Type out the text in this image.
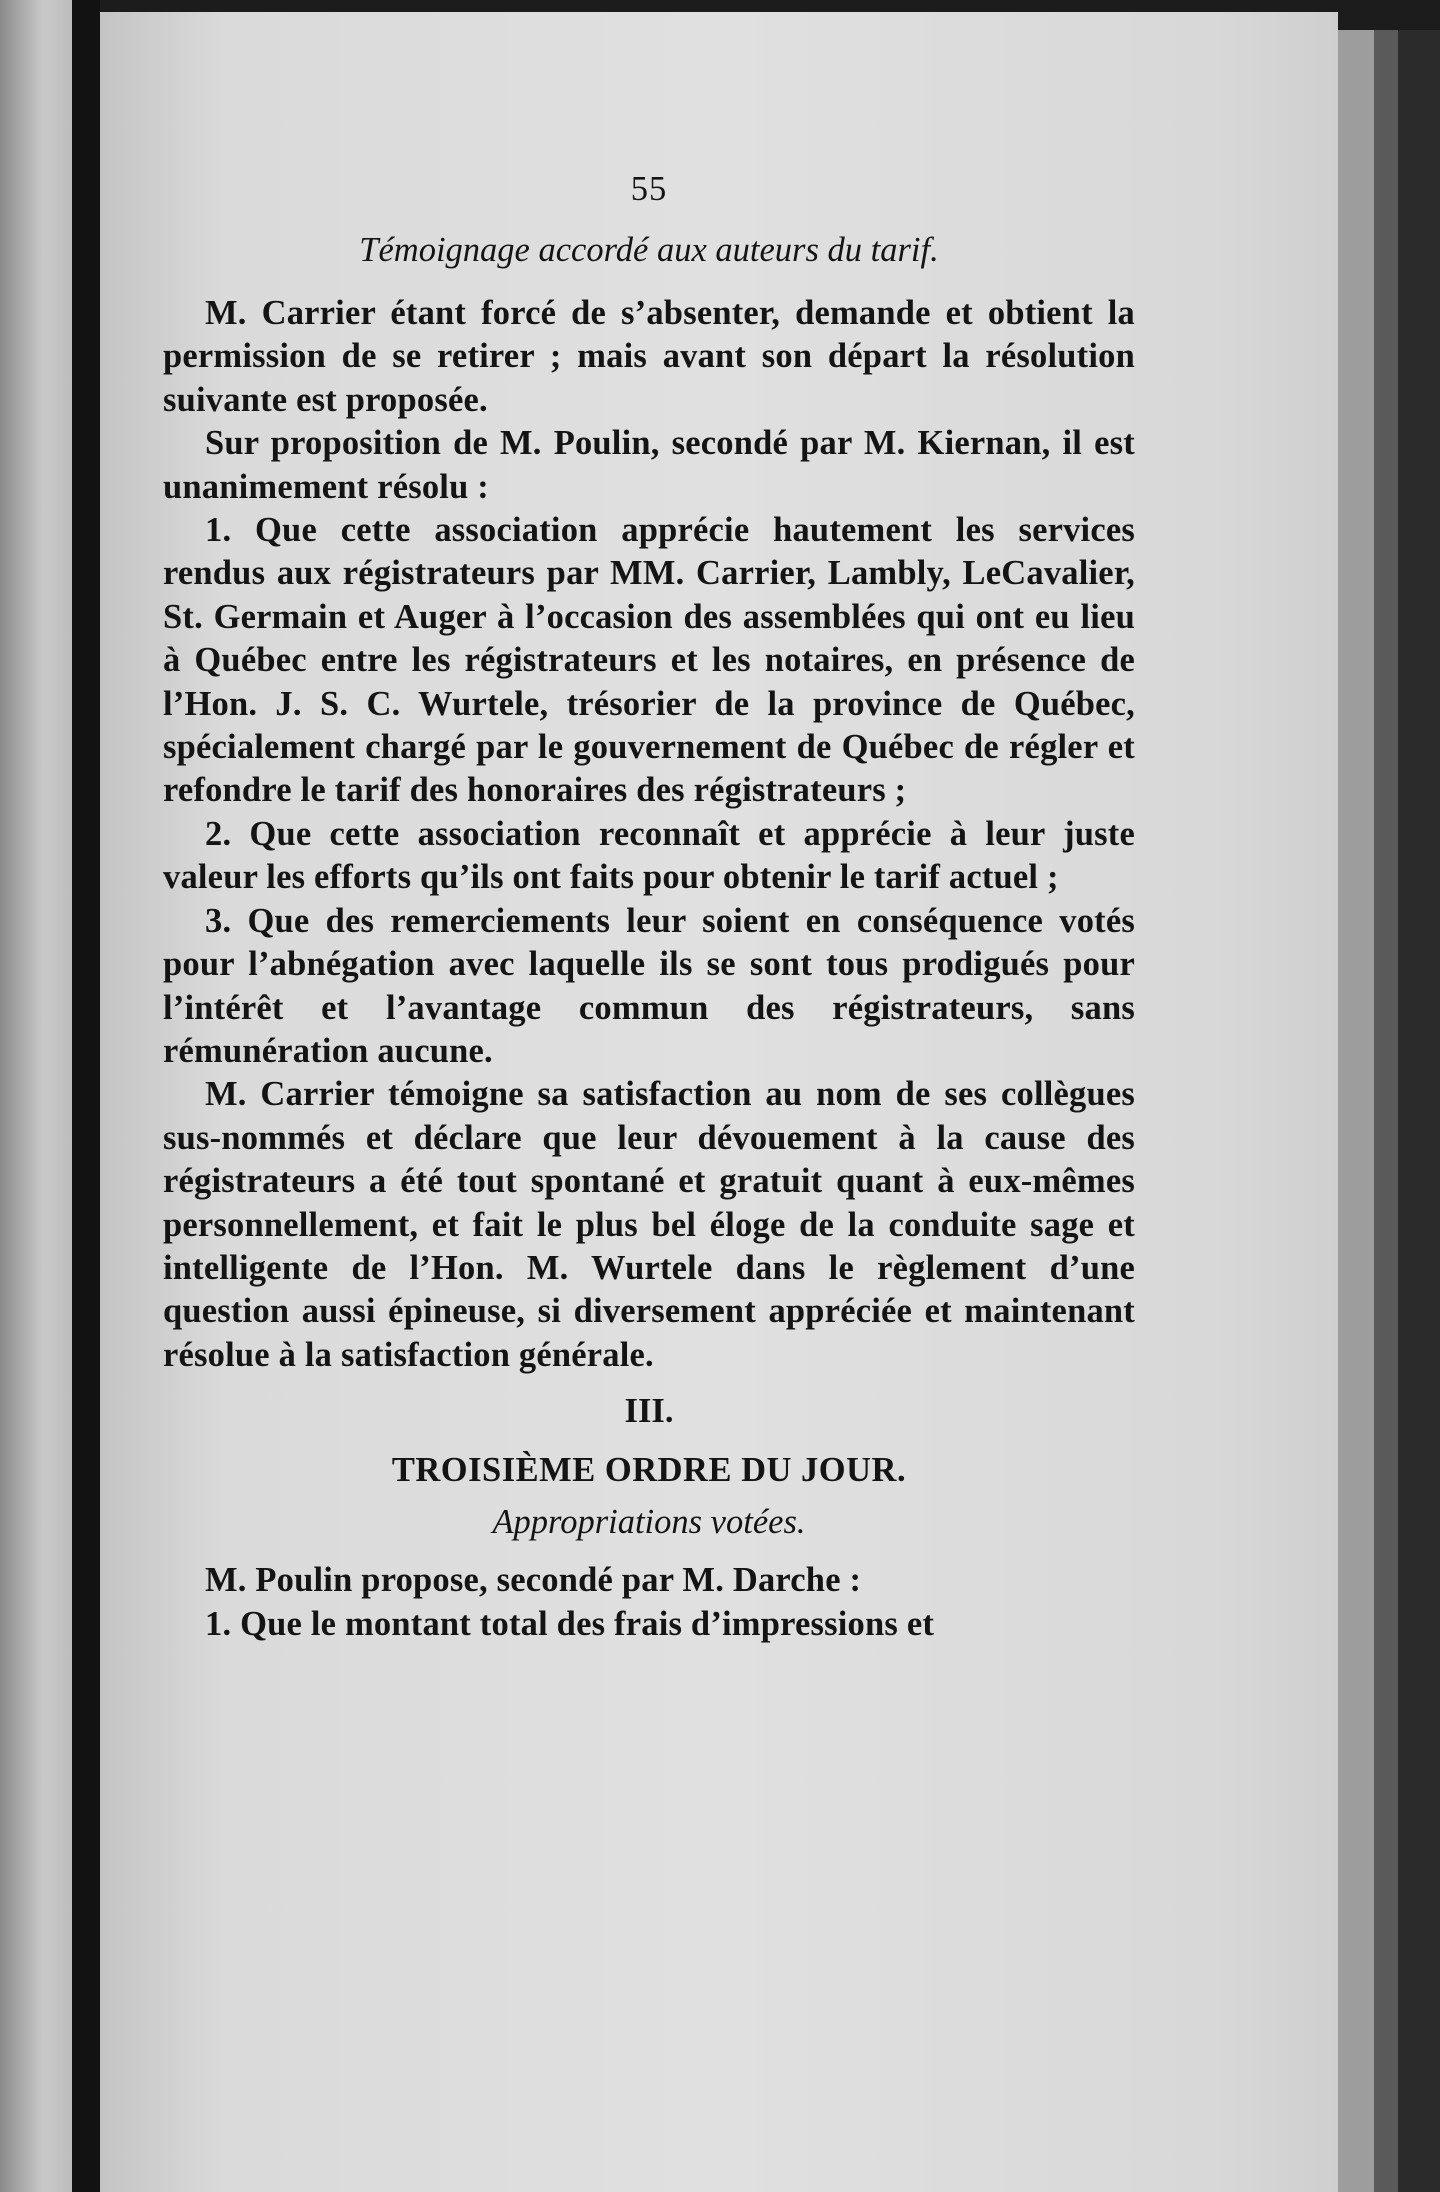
55
Témoignage accordé aux auteurs du tarif.

M. Carrier étant forcé de s’absenter, demande et obtient la permission de se retirer ; mais avant son départ la résolution suivante est proposée.

Sur proposition de M. Poulin, secondé par M. Kiernan, il est unanimement résolu :

1. Que cette association apprécie hautement les services rendus aux régistrateurs par MM. Carrier, Lambly, LeCavalier, St. Germain et Auger à l’occasion des assemblées qui ont eu lieu à Québec entre les régistrateurs et les notaires, en présence de l’Hon. J. S. C. Wurtele, trésorier de la province de Québec, spécialement chargé par le gouvernement de Québec de régler et refondre le tarif des honoraires des régistrateurs ;

2. Que cette association reconnaît et apprécie à leur juste valeur les efforts qu’ils ont faits pour obtenir le tarif actuel ;

3. Que des remerciements leur soient en conséquence votés pour l’abnégation avec laquelle ils se sont tous prodigués pour l’intérêt et l’avantage commun des régistrateurs, sans rémunération aucune.

M. Carrier témoigne sa satisfaction au nom de ses collègues sus-nommés et déclare que leur dévouement à la cause des régistrateurs a été tout spontané et gratuit quant à eux-mêmes personnellement, et fait le plus bel éloge de la conduite sage et intelligente de l’Hon. M. Wurtele dans le règlement d’une question aussi épineuse, si diversement appréciée et maintenant résolue à la satisfaction générale.

III.
TROISIÈME ORDRE DU JOUR.
Appropriations votées.

M. Poulin propose, secondé par M. Darche :

1. Que le montant total des frais d’impressions et
